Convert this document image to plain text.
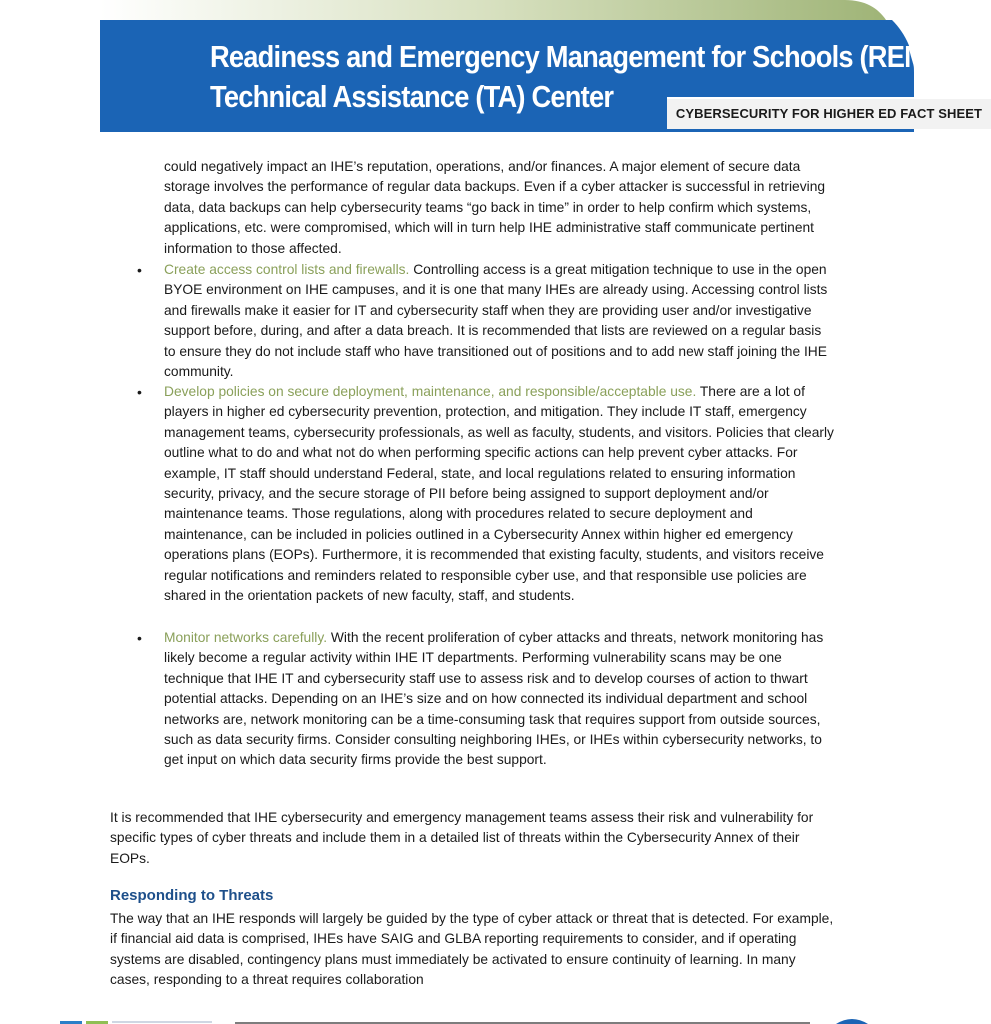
Readiness and Emergency Management for Schools (REMS)
Technical Assistance (TA) Center	CYBERSECURITY FOR HIGHER ED FACT SHEET

could negatively impact an IHE’s reputation, operations, and/or finances. A major element of secure data storage involves the performance of regular data backups. Even if a cyber attacker is successful in retrieving data, data backups can help cybersecurity teams “go back in time” in order to help confirm which systems, applications, etc. were compromised, which will in turn help IHE administrative staff communicate pertinent information to those affected.

• Create access control lists and firewalls. Controlling access is a great mitigation technique to use in the open BYOE environment on IHE campuses, and it is one that many IHEs are already using. Accessing control lists and firewalls make it easier for IT and cybersecurity staff when they are providing user and/or investigative support before, during, and after a data breach. It is recommended that lists are reviewed on a regular basis to ensure they do not include staff who have transitioned out of positions and to add new staff joining the IHE community.

• Develop policies on secure deployment, maintenance, and responsible/acceptable use. There are a lot of players in higher ed cybersecurity prevention, protection, and mitigation. They include IT staff, emergency management teams, cybersecurity professionals, as well as faculty, students, and visitors. Policies that clearly outline what to do and what not do when performing specific actions can help prevent cyber attacks. For example, IT staff should understand Federal, state, and local regulations related to ensuring information security, privacy, and the secure storage of PII before being assigned to support deployment and/or maintenance teams. Those regulations, along with procedures related to secure deployment and maintenance, can be included in policies outlined in a Cybersecurity Annex within higher ed emergency operations plans (EOPs). Furthermore, it is recommended that existing faculty, students, and visitors receive regular notifications and reminders related to responsible cyber use, and that responsible use policies are shared in the orientation packets of new faculty, staff, and students.

• Monitor networks carefully. With the recent proliferation of cyber attacks and threats, network monitoring has likely become a regular activity within IHE IT departments. Performing vulnerability scans may be one technique that IHE IT and cybersecurity staff use to assess risk and to develop courses of action to thwart potential attacks. Depending on an IHE’s size and on how connected its individual department and school networks are, network monitoring can be a time-consuming task that requires support from outside sources, such as data security firms. Consider consulting neighboring IHEs, or IHEs within cybersecurity networks, to get input on which data security firms provide the best support.

It is recommended that IHE cybersecurity and emergency management teams assess their risk and vulnerability for specific types of cyber threats and include them in a detailed list of threats within the Cybersecurity Annex of their EOPs.

Responding to Threats

The way that an IHE responds will largely be guided by the type of cyber attack or threat that is detected. For example, if financial aid data is comprised, IHEs have SAIG and GLBA reporting requirements to consider, and if operating systems are disabled, contingency plans must immediately be activated to ensure continuity of learning. In many cases, responding to a threat requires collaboration
